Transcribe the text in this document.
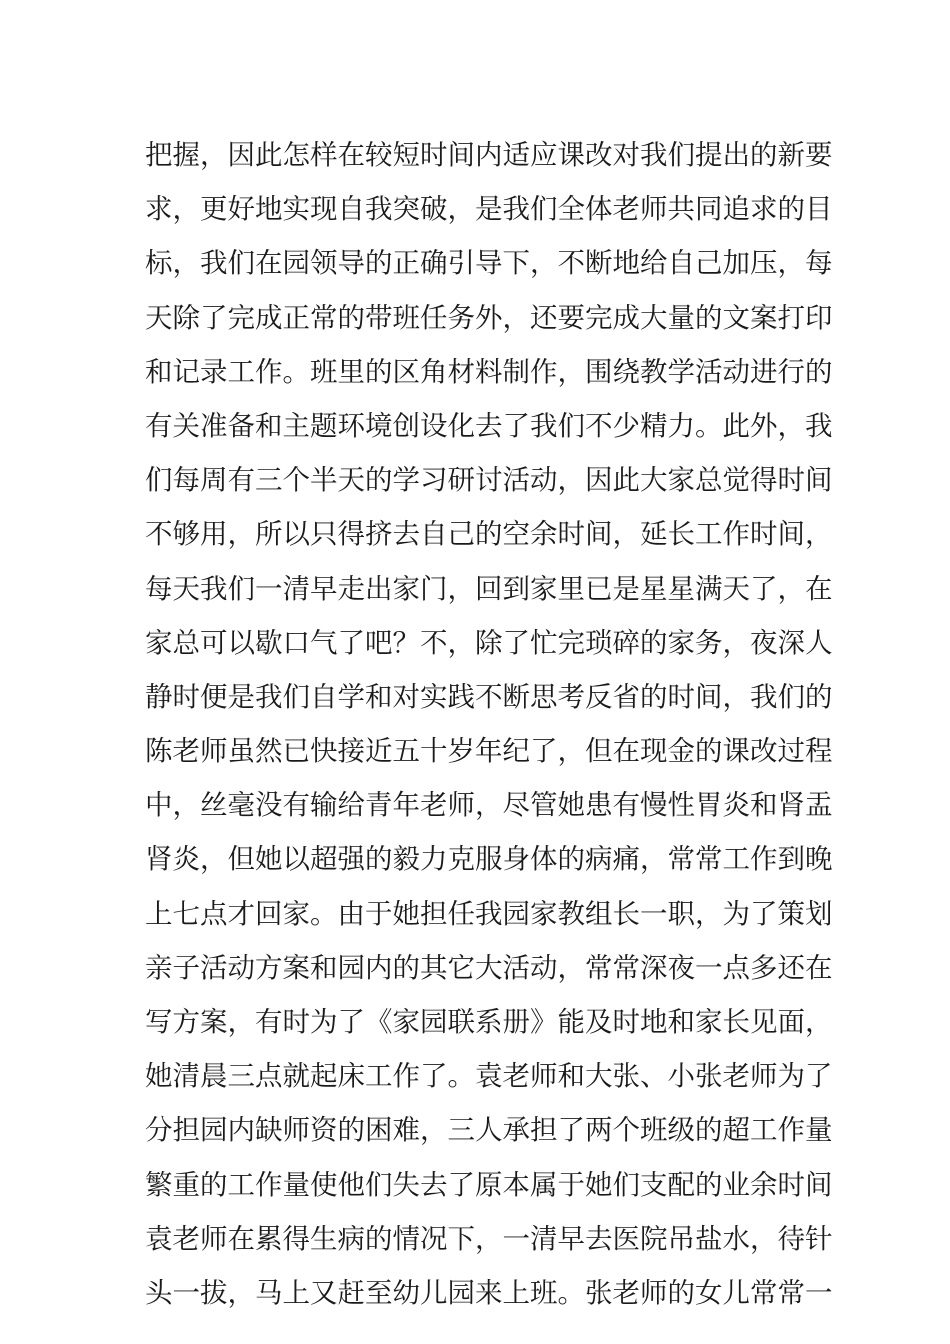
把握，因此怎样在较短时间内适应课改对我们提出的新要
求，更好地实现自我突破，是我们全体老师共同追求的目
标，我们在园领导的正确引导下，不断地给自己加压，每
天除了完成正常的带班任务外，还要完成大量的文案打印
和记录工作。班里的区角材料制作，围绕教学活动进行的
有关准备和主题环境创设化去了我们不少精力。此外，我
们每周有三个半天的学习研讨活动，因此大家总觉得时间
不够用，所以只得挤去自己的空余时间，延长工作时间，
每天我们一清早走出家门，回到家里已是星星满天了，在
家总可以歇口气了吧？不，除了忙完琐碎的家务，夜深人
静时便是我们自学和对实践不断思考反省的时间，我们的
陈老师虽然已快接近五十岁年纪了，但在现金的课改过程
中，丝毫没有输给青年老师，尽管她患有慢性胃炎和肾盂
肾炎，但她以超强的毅力克服身体的病痛，常常工作到晚
上七点才回家。由于她担任我园家教组长一职，为了策划
亲子活动方案和园内的其它大活动，常常深夜一点多还在
写方案，有时为了《家园联系册》能及时地和家长见面，
她清晨三点就起床工作了。袁老师和大张、小张老师为了
分担园内缺师资的困难，三人承担了两个班级的超工作量
繁重的工作量使他们失去了原本属于她们支配的业余时间
袁老师在累得生病的情况下，一清早去医院吊盐水，待针
头一拔，马上又赶至幼儿园来上班。张老师的女儿常常一
